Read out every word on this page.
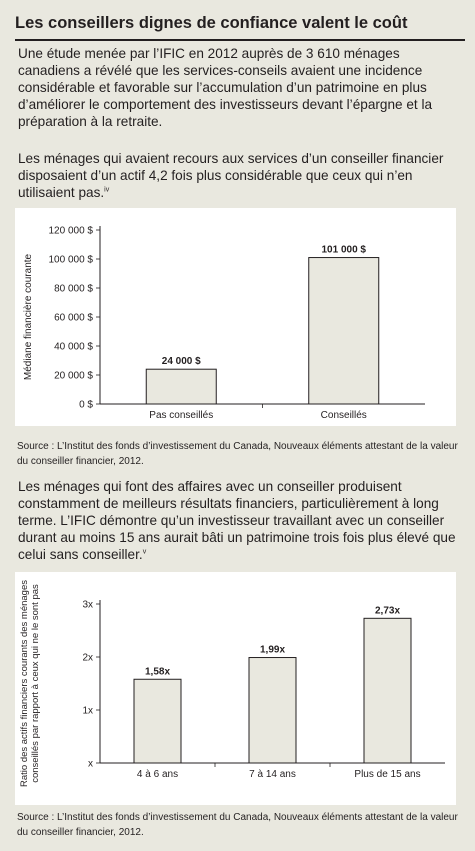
Les conseillers dignes de confiance valent le coût
Une étude menée par l’IFIC en 2012 auprès de 3 610 ménages canadiens a révélé que les services-conseils avaient une incidence considérable et favorable sur l’accumulation d’un patrimoine en plus d’améliorer le comportement des investisseurs devant l’épargne et la préparation à la retraite.
Les ménages qui avaient recours aux services d’un conseiller financier disposaient d’un actif 4,2 fois plus considérable que ceux qui n’en utilisaient pas.$^{iv}$
Médiane financière courante
0 $
20 000 $
40 000 $
60 000 $
80 000 $
100 000 $
120 000 $
24 000 $
Pas conseillés
101 000 $
Conseillés
Source : L’Institut des fonds d’investissement du Canada, Nouveaux éléments attestant de la valeur du conseiller financier, 2012.
Les ménages qui font des affaires avec un conseiller produisent constamment de meilleurs résultats financiers, particulièrement à long terme. L’IFIC démontre qu’un investisseur travaillant avec un conseiller durant au moins 15 ans aurait bâti un patrimoine trois fois plus élevé que celui sans conseiller.$^v$
Ratio des actifs financiers courants des ménagesconseillés par rapport à ceux qui ne le sont pas	x
1x
2x
3x
1,58x
4 à 6 ans
1,99x
7 à 14 ans
2,73x
Plus de 15 ans
Source : L’Institut des fonds d’investissement du Canada, Nouveaux éléments attestant de la valeur du conseiller financier, 2012.
